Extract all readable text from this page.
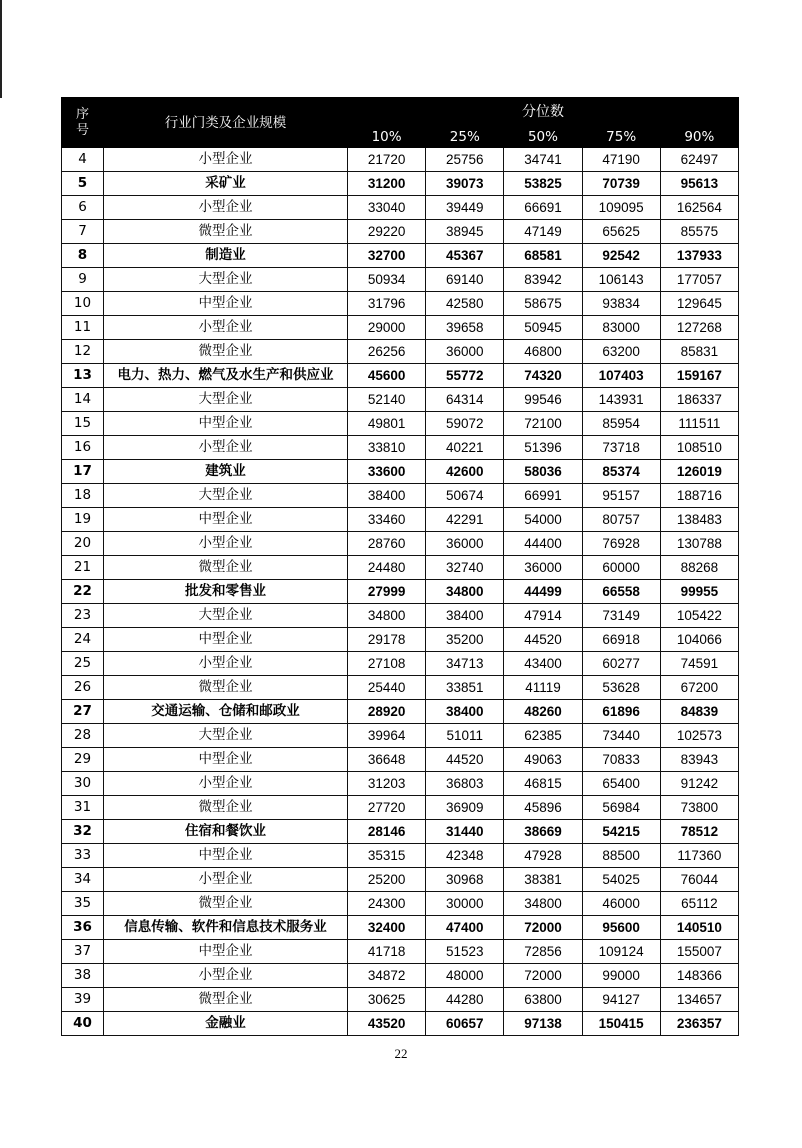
序
号	行业门类及企业规模	分位数				
		10%	25%	50%	75%	90%
4	小型企业	21720	25756	34741	47190	62497
5	采矿业	31200	39073	53825	70739	95613
6	小型企业	33040	39449	66691	109095	162564
7	微型企业	29220	38945	47149	65625	85575
8	制造业	32700	45367	68581	92542	137933
9	大型企业	50934	69140	83942	106143	177057
10	中型企业	31796	42580	58675	93834	129645
11	小型企业	29000	39658	50945	83000	127268
12	微型企业	26256	36000	46800	63200	85831
13	电力、热力、燃气及水生产和供应业	45600	55772	74320	107403	159167
14	大型企业	52140	64314	99546	143931	186337
15	中型企业	49801	59072	72100	85954	111511
16	小型企业	33810	40221	51396	73718	108510
17	建筑业	33600	42600	58036	85374	126019
18	大型企业	38400	50674	66991	95157	188716
19	中型企业	33460	42291	54000	80757	138483
20	小型企业	28760	36000	44400	76928	130788
21	微型企业	24480	32740	36000	60000	88268
22	批发和零售业	27999	34800	44499	66558	99955
23	大型企业	34800	38400	47914	73149	105422
24	中型企业	29178	35200	44520	66918	104066
25	小型企业	27108	34713	43400	60277	74591
26	微型企业	25440	33851	41119	53628	67200
27	交通运输、仓储和邮政业	28920	38400	48260	61896	84839
28	大型企业	39964	51011	62385	73440	102573
29	中型企业	36648	44520	49063	70833	83943
30	小型企业	31203	36803	46815	65400	91242
31	微型企业	27720	36909	45896	56984	73800
32	住宿和餐饮业	28146	31440	38669	54215	78512
33	中型企业	35315	42348	47928	88500	117360
34	小型企业	25200	30968	38381	54025	76044
35	微型企业	24300	30000	34800	46000	65112
36	信息传输、软件和信息技术服务业	32400	47400	72000	95600	140510
37	中型企业	41718	51523	72856	109124	155007
38	小型企业	34872	48000	72000	99000	148366
39	微型企业	30625	44280	63800	94127	134657
40	金融业	43520	60657	97138	150415	236357
22
